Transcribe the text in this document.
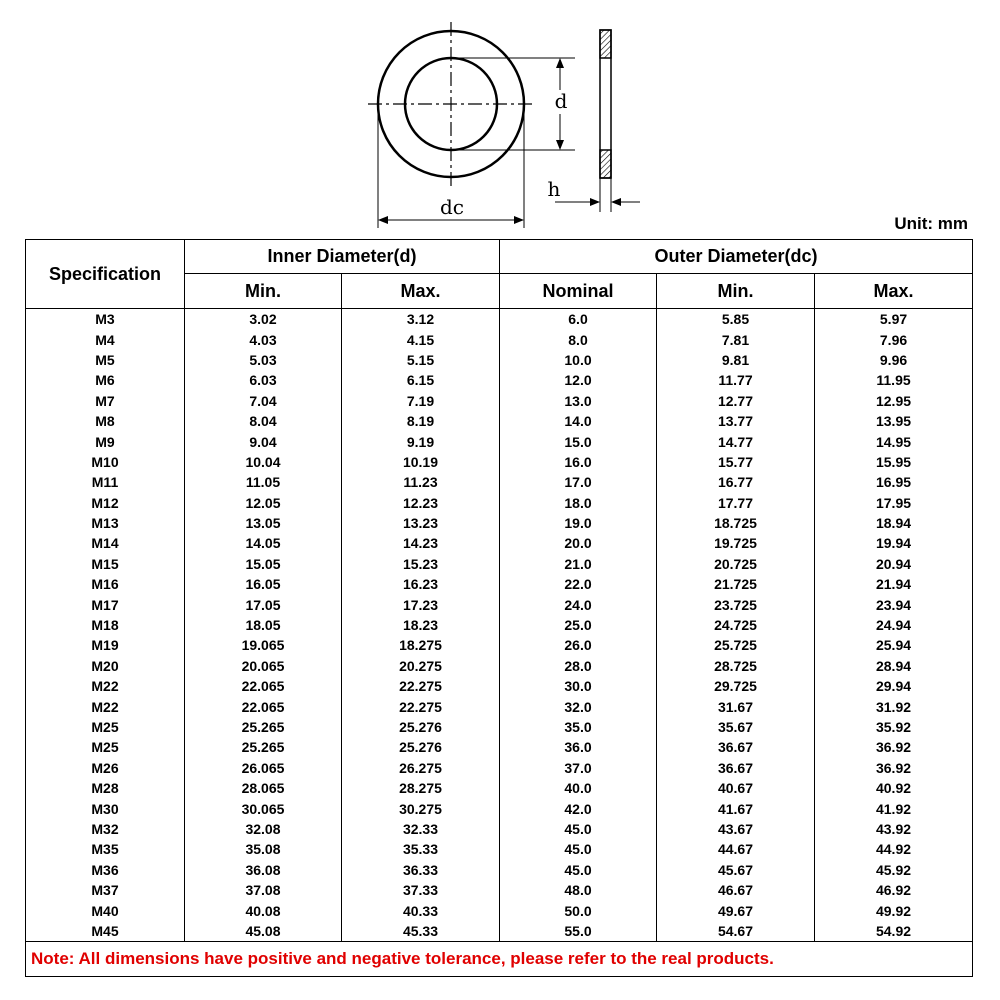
d
dc
h
Unit: mm
Specification	Inner Diameter(d)		Outer Diameter(dc)		
	Min.	Max.	Nominal	Min.	Max.
M3	3.02	3.12	6.0	5.85	5.97
M4	4.03	4.15	8.0	7.81	7.96
M5	5.03	5.15	10.0	9.81	9.96
M6	6.03	6.15	12.0	11.77	11.95
M7	7.04	7.19	13.0	12.77	12.95
M8	8.04	8.19	14.0	13.77	13.95
M9	9.04	9.19	15.0	14.77	14.95
M10	10.04	10.19	16.0	15.77	15.95
M11	11.05	11.23	17.0	16.77	16.95
M12	12.05	12.23	18.0	17.77	17.95
M13	13.05	13.23	19.0	18.725	18.94
M14	14.05	14.23	20.0	19.725	19.94
M15	15.05	15.23	21.0	20.725	20.94
M16	16.05	16.23	22.0	21.725	21.94
M17	17.05	17.23	24.0	23.725	23.94
M18	18.05	18.23	25.0	24.725	24.94
M19	19.065	18.275	26.0	25.725	25.94
M20	20.065	20.275	28.0	28.725	28.94
M22	22.065	22.275	30.0	29.725	29.94
M22	22.065	22.275	32.0	31.67	31.92
M25	25.265	25.276	35.0	35.67	35.92
M25	25.265	25.276	36.0	36.67	36.92
M26	26.065	26.275	37.0	36.67	36.92
M28	28.065	28.275	40.0	40.67	40.92
M30	30.065	30.275	42.0	41.67	41.92
M32	32.08	32.33	45.0	43.67	43.92
M35	35.08	35.33	45.0	44.67	44.92
M36	36.08	36.33	45.0	45.67	45.92
M37	37.08	37.33	48.0	46.67	46.92
M40	40.08	40.33	50.0	49.67	49.92
M45	45.08	45.33	55.0	54.67	54.92
Note: All dimensions have positive and negative tolerance, please refer to the real products.					
